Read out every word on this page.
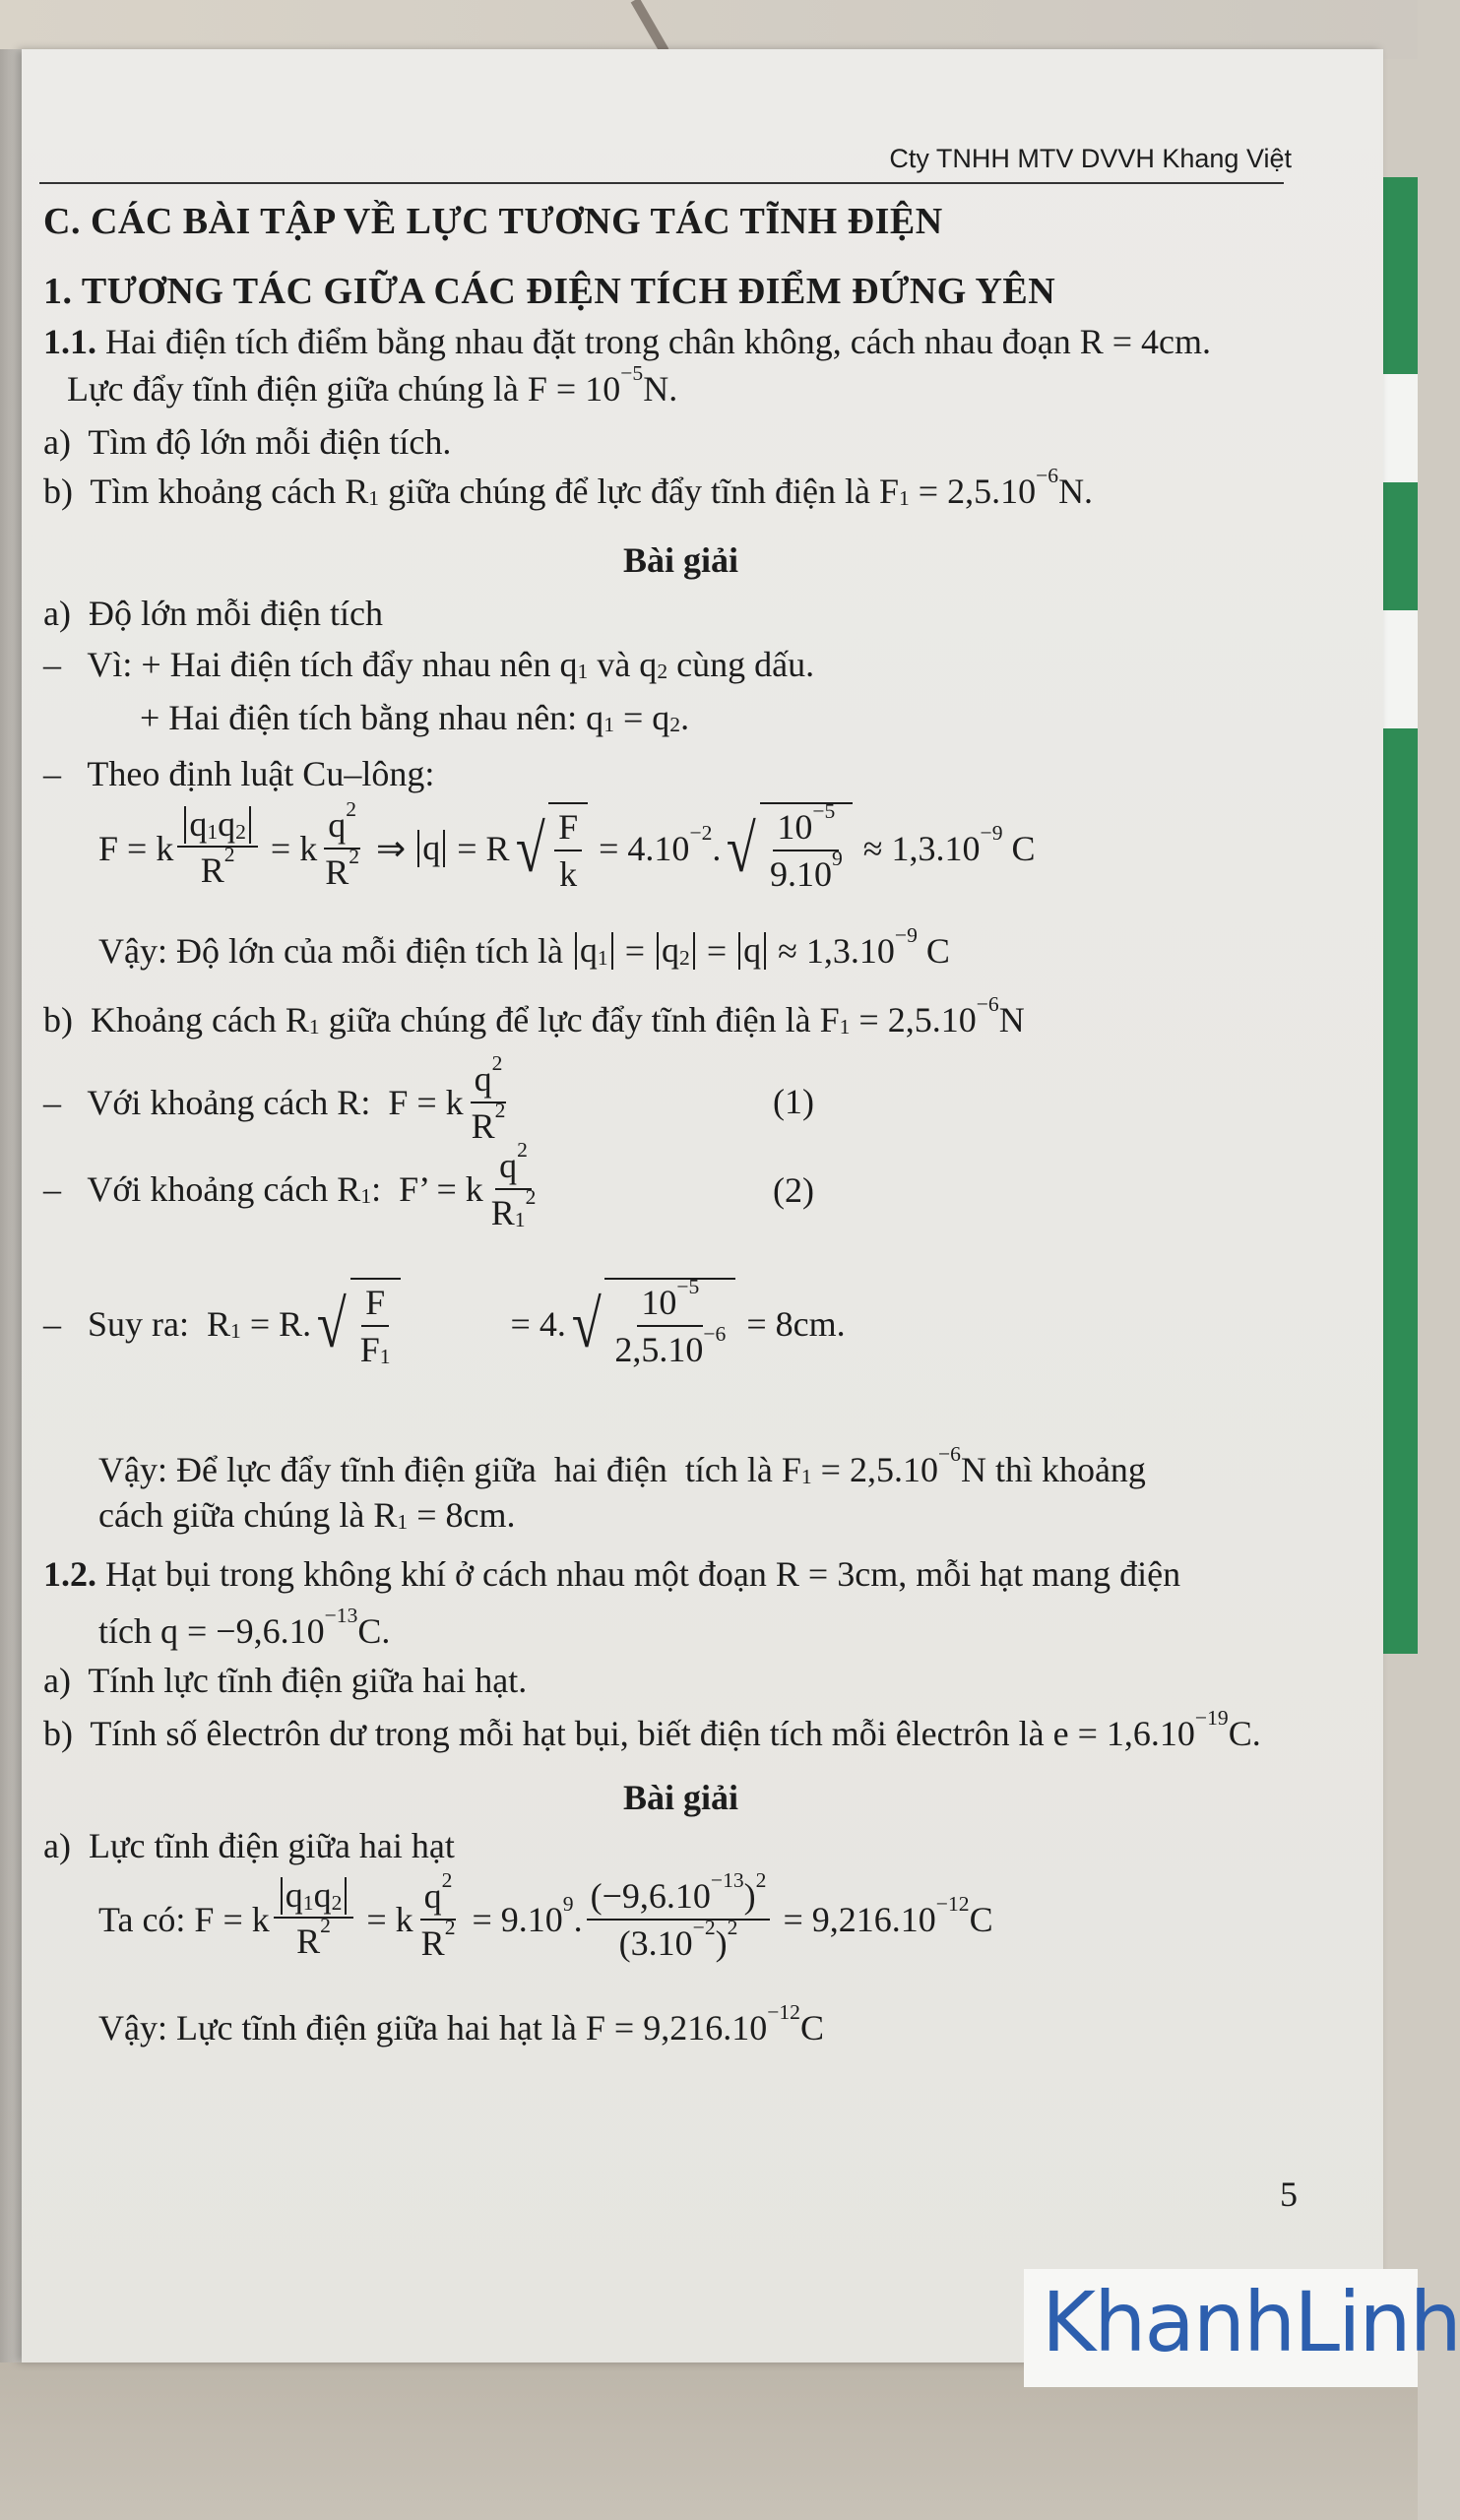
Cty TNHH MTV DVVH Khang Việt
C. CÁC BÀI TẬP VỀ LỰC TƯƠNG TÁC TĨNH ĐIỆN
1. TƯƠNG TÁC GIỮA CÁC ĐIỆN TÍCH ĐIỂM ĐỨNG YÊN
1.1. Hai điện tích điểm bằng nhau đặt trong chân không, cách nhau đoạn R = 4cm.
Lực đẩy tĩnh điện giữa chúng là F = 10 −5 N.
a)  Tìm độ lớn mỗi điện tích.
b)  Tìm khoảng cách R 1 giữa chúng để lực đẩy tĩnh điện là F 1 = 2,5.10 −6 N.
Bài giải
a)  Độ lớn mỗi điện tích
–   Vì: + Hai điện tích đẩy nhau nên q 1 và q 2 cùng dấu.
+ Hai điện tích bằng nhau nên: q 1 = q 2 .
–   Theo định luật Cu–lông:
F = k $\frac{q 1 q 2}{R 2} = k \frac{q 2}{R 2}$ ⇒ q = R √ $\frac{F}{k} = 4.10 -2$ . √ $\frac{10 -5}{9.10 9} \approx 1,3.10 -9$ C
Vậy: Độ lớn của mỗi điện tích là q 1 = q 2 = q ≈ 1,3.10 −9 C
b)  Khoảng cách R 1 giữa chúng để lực đẩy tĩnh điện là F 1 = 2,5.10 −6 N
–   Với khoảng cách R:  F = k $\frac{q 2}{R 2}$	(1)
–   Với khoảng cách R 1 :  F’ = k q 2
R 1
2	(2)
–   Suy ra:  R 1 = R. √ $\frac{F}{F 1}$	= 4. √ $\frac{10 -5}{2,5.10 -6} = 8cm$.
Vậy: Để lực đẩy tĩnh điện giữa  hai điện  tích là F 1 = 2,5.10 −6 N thì khoảng
cách giữa chúng là R 1 = 8cm.
1.2. Hạt bụi trong không khí ở cách nhau một đoạn R = 3cm, mỗi hạt mang điện
tích q = −9,6.10 −13 C.
a)  Tính lực tĩnh điện giữa hai hạt.
b)  Tính số êlectrôn dư trong mỗi hạt bụi, biết điện tích mỗi êlectrôn là e = 1,6.10 −19 C.
Bài giải
a)  Lực tĩnh điện giữa hai hạt
Ta có: F = k $\frac{q 1 q 2}{R 2} = k \frac{q 2}{R 2} = 9.10$ 9 . $\frac{(-9,6.10 -13 ) 2}{(3.10 -2 ) 2} = 9,216.10 -12$ C
Vậy: Lực tĩnh điện giữa hai hạt là F = 9,216.10 −12 C
5
KhanhLinh
